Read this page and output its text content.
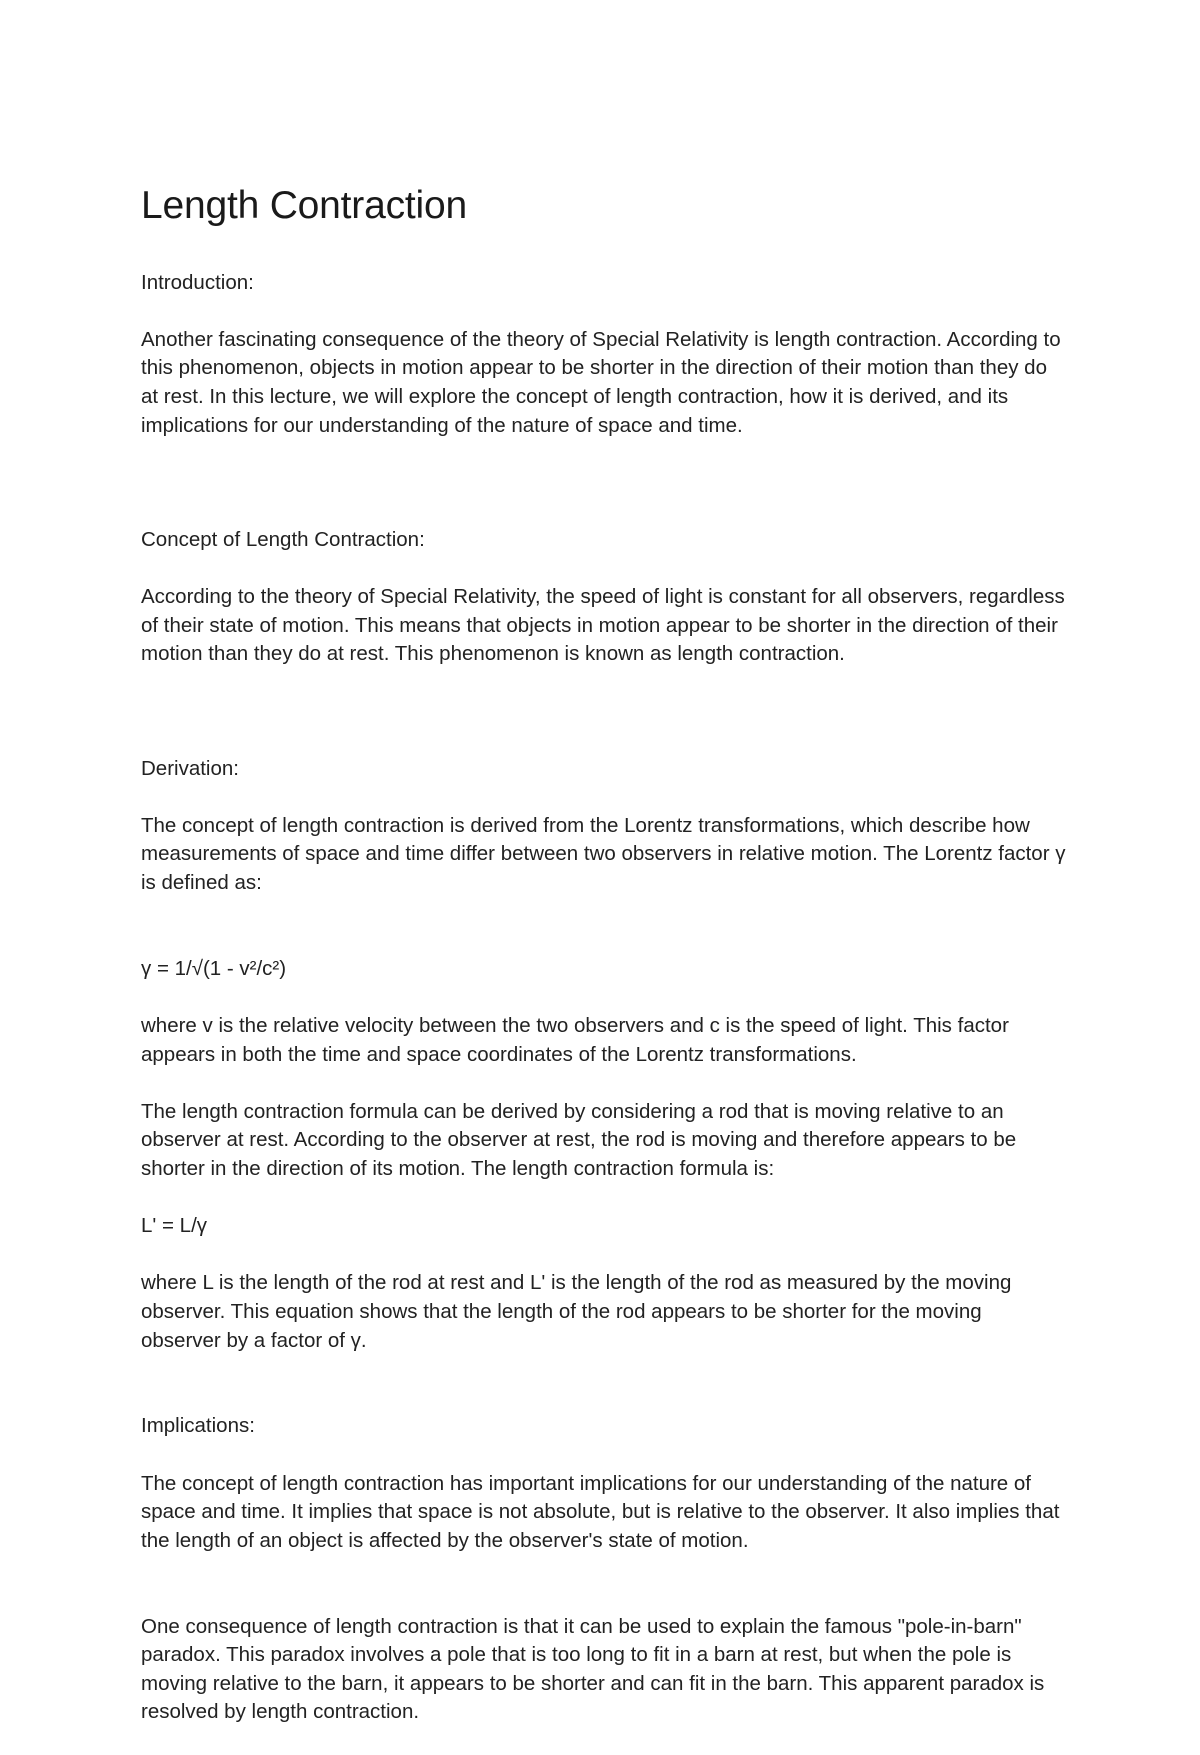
Length Contraction

Introduction:

Another fascinating consequence of the theory of Special Relativity is length contraction. According to this phenomenon, objects in motion appear to be shorter in the direction of their motion than they do at rest. In this lecture, we will explore the concept of length contraction, how it is derived, and its implications for our understanding of the nature of space and time.

Concept of Length Contraction:

According to the theory of Special Relativity, the speed of light is constant for all observers, regardless of their state of motion. This means that objects in motion appear to be shorter in the direction of their motion than they do at rest. This phenomenon is known as length contraction.

Derivation:

The concept of length contraction is derived from the Lorentz transformations, which describe how measurements of space and time differ between two observers in relative motion. The Lorentz factor γ is defined as:

γ = 1/√(1 - v²/c²)
where v is the relative velocity between the two observers and c is the speed of light. This factor appears in both the time and space coordinates of the Lorentz transformations.
The length contraction formula can be derived by considering a rod that is moving relative to an observer at rest. According to the observer at rest, the rod is moving and therefore appears to be shorter in the direction of its motion. The length contraction formula is:
L' = L/γ
where L is the length of the rod at rest and L' is the length of the rod as measured by the moving observer. This equation shows that the length of the rod appears to be shorter for the moving observer by a factor of γ.

Implications:

The concept of length contraction has important implications for our understanding of the nature of space and time. It implies that space is not absolute, but is relative to the observer. It also implies that the length of an object is affected by the observer's state of motion.

One consequence of length contraction is that it can be used to explain the famous "pole-in-barn" paradox. This paradox involves a pole that is too long to fit in a barn at rest, but when the pole is moving relative to the barn, it appears to be shorter and can fit in the barn. This apparent paradox is resolved by length contraction.
